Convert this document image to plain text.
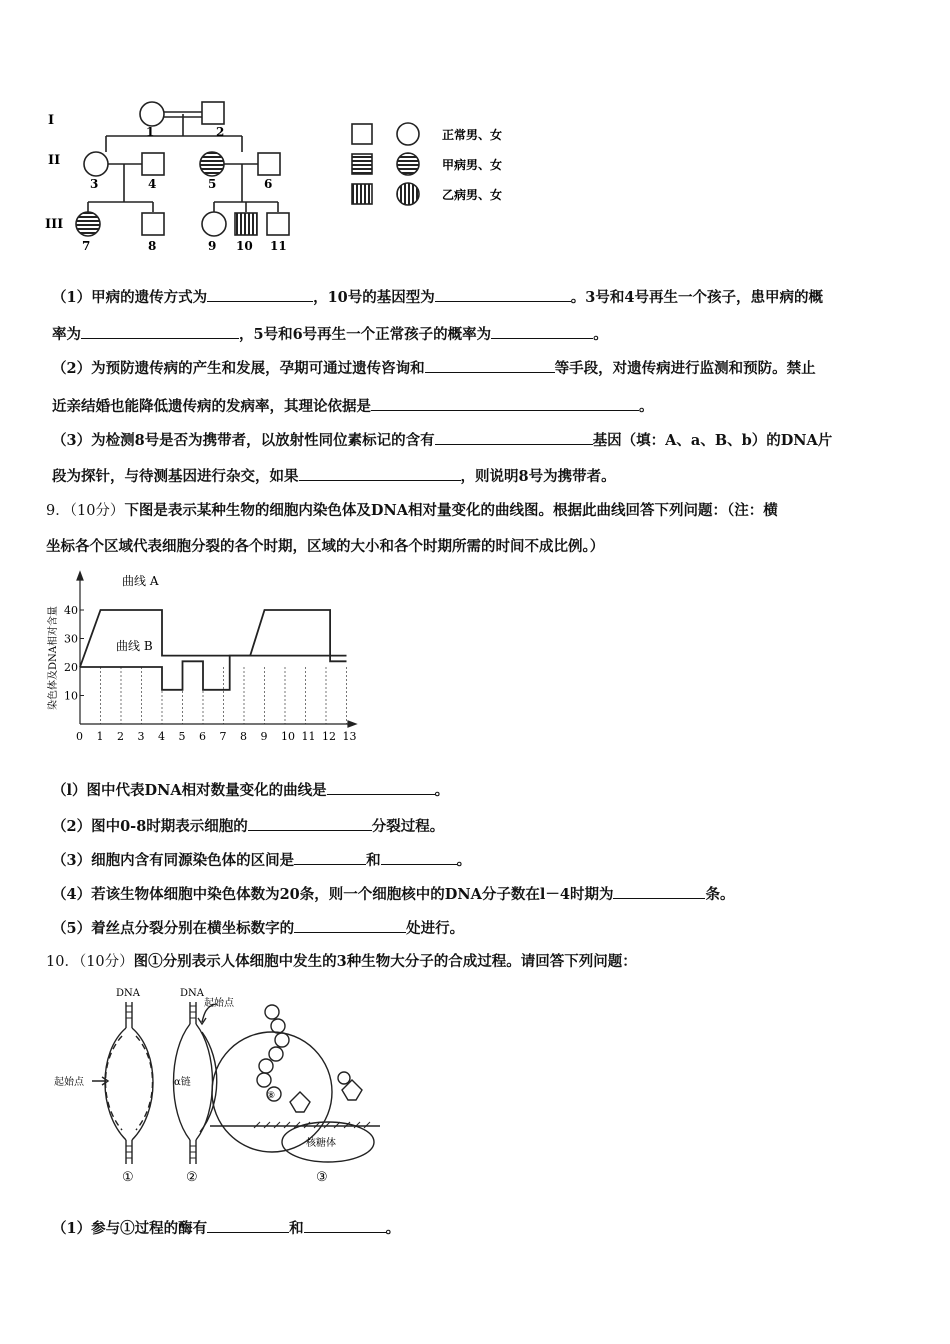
I
II
III
1	2
3	4	5	6
7	8	9 10 11
正常男、女
甲病男、女
乙病男、女
（1）甲病的遗传方式为	，10号的基因型为	。3号和4号再生一个孩子，患甲病的概
率为	，5号和6号再生一个正常孩子的概率为	。
（2）为预防遗传病的产生和发展，孕期可通过遗传咨询和	等手段，对遗传病进行监测和预防。禁止
近亲结婚也能降低遗传病的发病率，其理论依据是	。
（3）为检测8号是否为携带者，以放射性同位素标记的含有	基因（填：A、a、B、b）的DNA片
段为探针，与待测基因进行杂交，如果	，则说明8号为携带者。
9．（10分）下图是表示某种生物的细胞内染色体及DNA相对量变化的曲线图。根据此曲线回答下列问题：（注：横
坐标各个区域代表细胞分裂的各个时期，区域的大小和各个时期所需的时间不成比例。）
10
20
30
40
0 1 2 3 4 5 6 7 8 9 10 11 12 13
曲线 A
曲线 B
染色体及DNA相对含量
（l）图中代表DNA相对数量变化的曲线是	。
（2）图中0-8时期表示细胞的	分裂过程。
（3）细胞内含有同源染色体的区间是	和	。
（4）若该生物体细胞中染色体数为20条，则一个细胞核中的DNA分子数在l－4时期为	条。
（5）着丝点分裂分别在横坐标数字的	处进行。
10．（10分）图①分别表示人体细胞中发生的3种生物大分子的合成过程。请回答下列问题：
DNA	DNA
起始点
起始点
α链
核糖体
⑧
①	②	③
（1）参与①过程的酶有	和	。
